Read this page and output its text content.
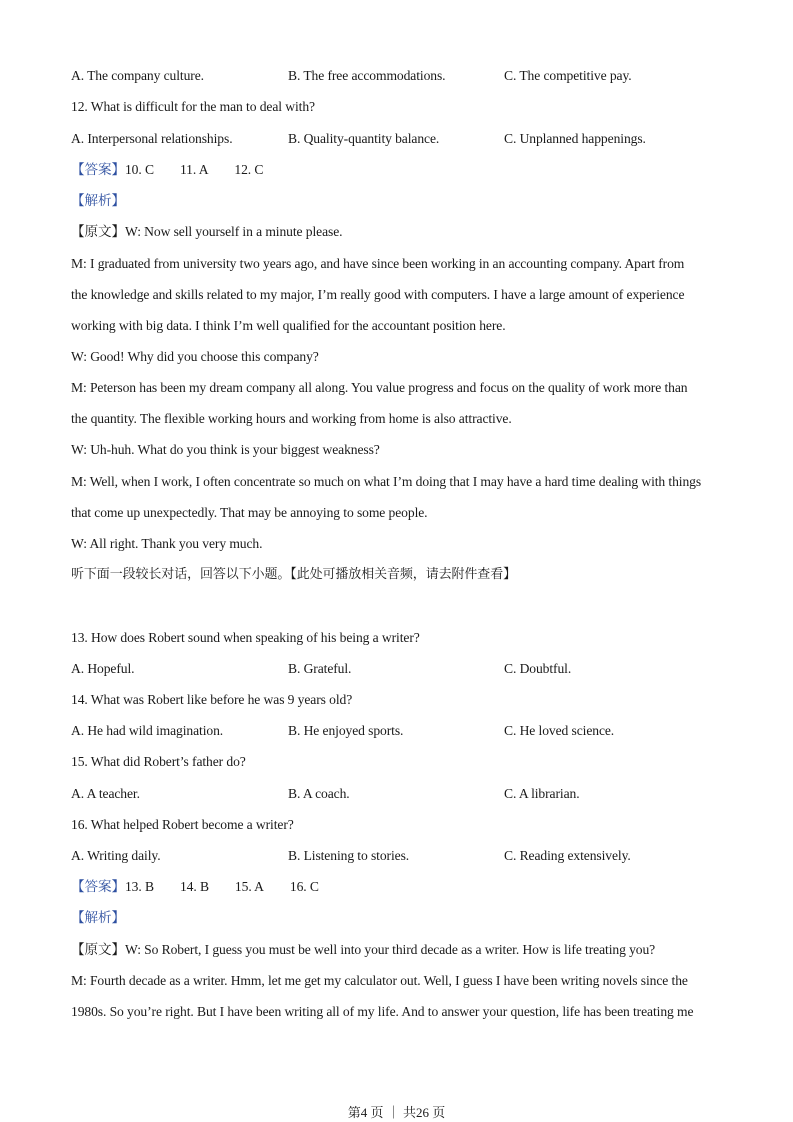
A. The company culture.	B. The free accommodations.	C. The competitive pay.
12. What is difficult for the man to deal with?
A. Interpersonal relationships.	B. Quality-quantity balance.	C. Unplanned happenings.
【答案】10. C 11. A 12. C
【解析】
【原文】W: Now sell yourself in a minute please.
M: I graduated from university two years ago, and have since been working in an accounting company. Apart from
the knowledge and skills related to my major, I’m really good with computers. I have a large amount of experience
working with big data. I think I’m well qualified for the accountant position here.
W: Good! Why did you choose this company?
M: Peterson has been my dream company all along. You value progress and focus on the quality of work more than
the quantity. The flexible working hours and working from home is also attractive.
W: Uh-huh. What do you think is your biggest weakness?
M: Well, when I work, I often concentrate so much on what I’m doing that I may have a hard time dealing with things
that come up unexpectedly. That may be annoying to some people.
W: All right. Thank you very much.
听下面一段较长对话，回答以下小题。【此处可播放相关音频，请去附件查看】
13. How does Robert sound when speaking of his being a writer?
A. Hopeful.	B. Grateful.	C. Doubtful.
14. What was Robert like before he was 9 years old?
A. He had wild imagination.	B. He enjoyed sports.	C. He loved science.
15. What did Robert’s father do?
A. A teacher.	B. A coach.	C. A librarian.
16. What helped Robert become a writer?
A. Writing daily.	B. Listening to stories.	C. Reading extensively.
【答案】13. B 14. B 15. A 16. C
【解析】
【原文】W: So Robert, I guess you must be well into your third decade as a writer. How is life treating you?
M: Fourth decade as a writer. Hmm, let me get my calculator out. Well, I guess I have been writing novels since the
1980s. So you’re right. But I have been writing all of my life. And to answer your question, life has been treating me
第4 页 ｜ 共26 页
